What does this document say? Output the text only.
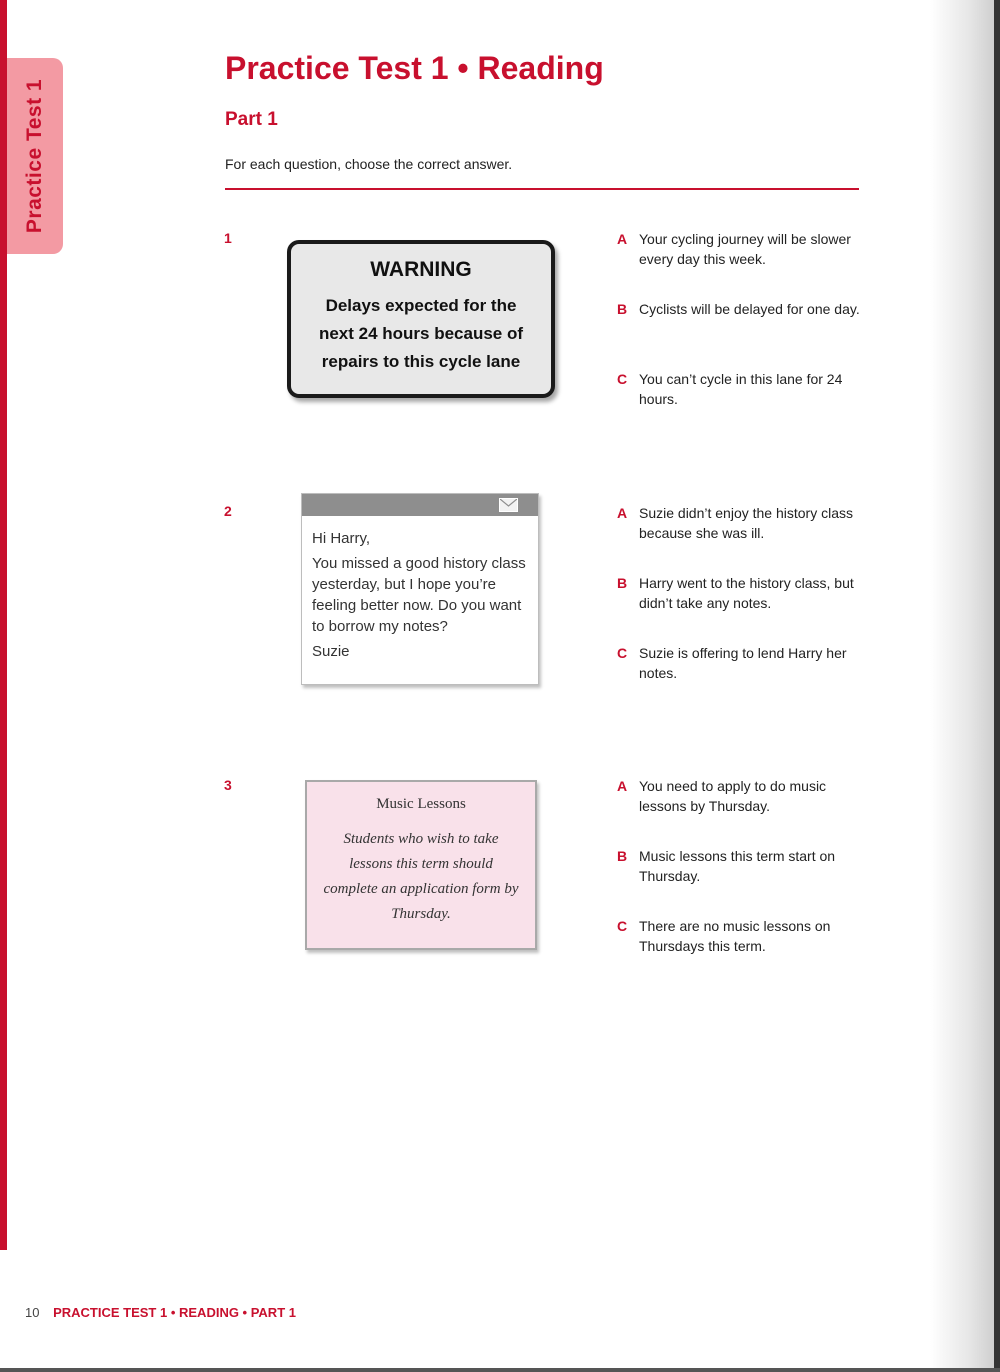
Practice Test 1
Practice Test 1 • Reading
Part 1

For each question, choose the correct answer.

1
WARNING
Delays expected for the next 24 hours because of repairs to this cycle lane
A Your cycling journey will be slower every day this week.
B Cyclists will be delayed for one day.
C You can’t cycle in this lane for 24 hours.
2

Hi Harry,

You missed a good history class yesterday, but I hope you’re feeling better now. Do you want to borrow my notes?

Suzie

A Suzie didn’t enjoy the history class because she was ill.
B Harry went to the history class, but didn’t take any notes.
C Suzie is offering to lend Harry her notes.
3
Music Lessons
Students who wish to take lessons this term should complete an application form by Thursday.
A You need to apply to do music lessons by Thursday.
B Music lessons this term start on Thursday.
C There are no music lessons on Thursdays this term.
10 PRACTICE TEST 1 • READING • PART 1
